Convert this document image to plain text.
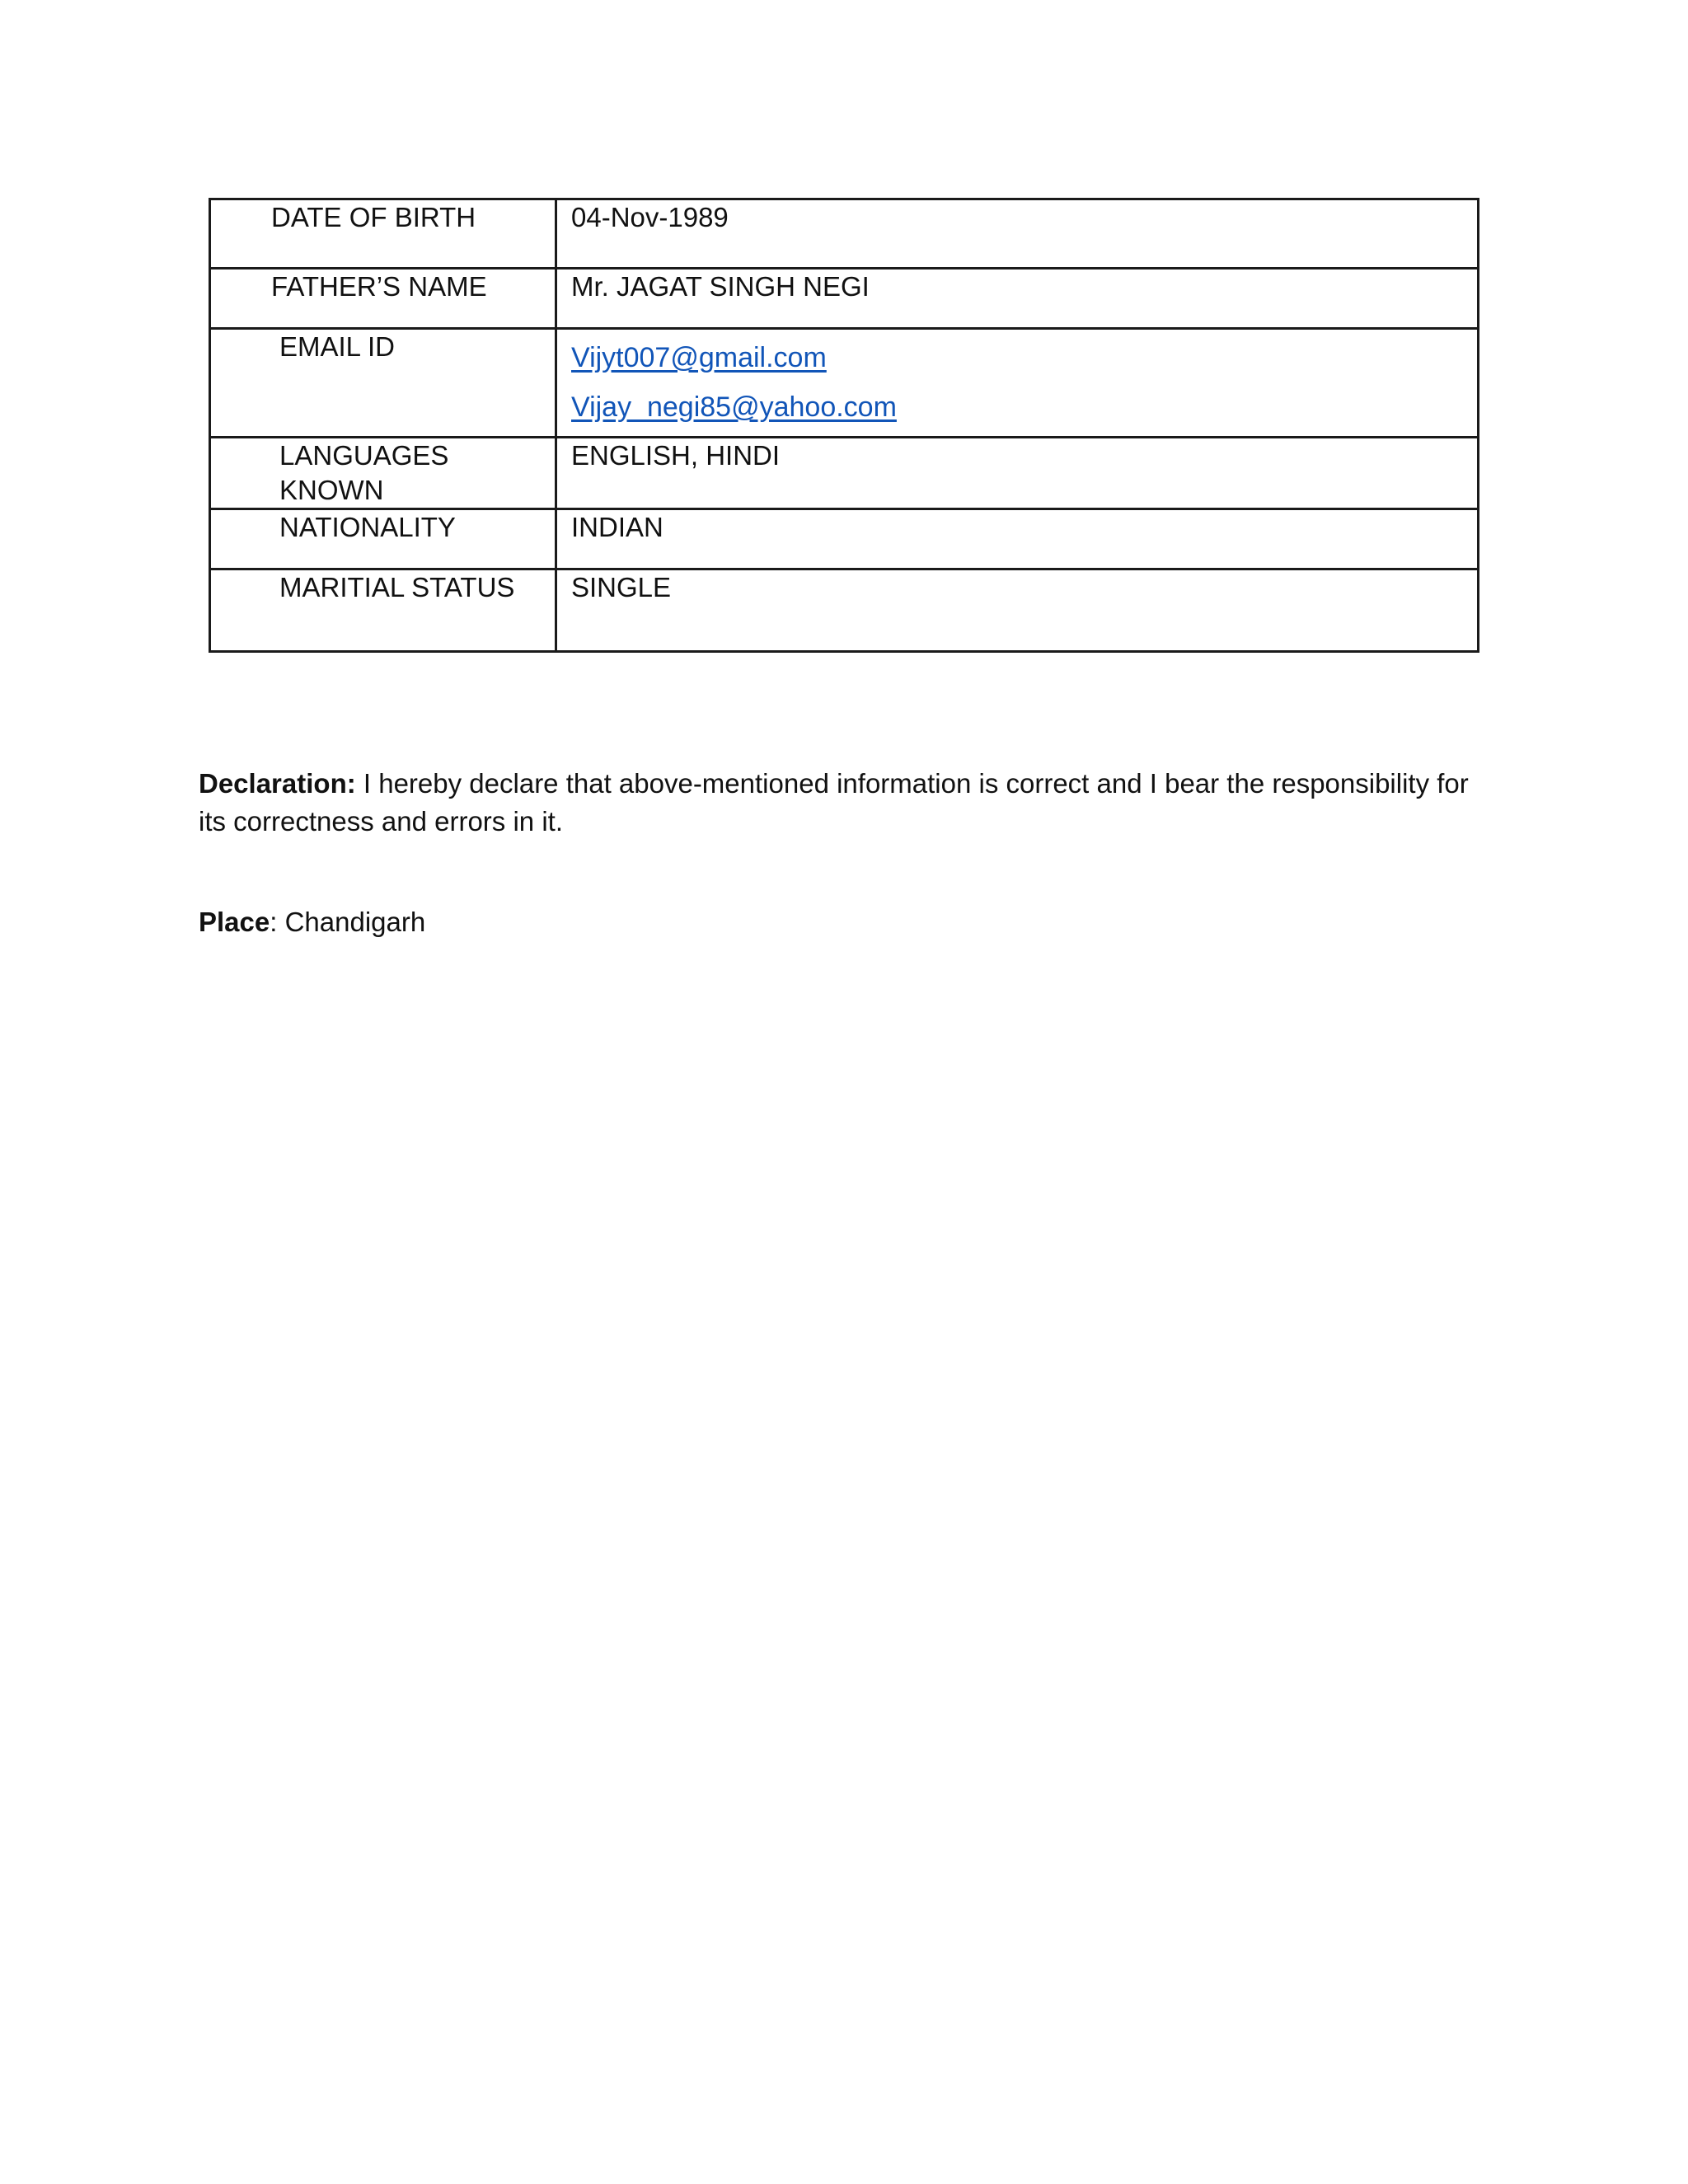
DATE OF BIRTH	04-Nov-1989
FATHER’S NAME	Mr. JAGAT SINGH NEGI
EMAIL ID	Vijyt007@gmail.com
Vijay_negi85@yahoo.com

LANGUAGES KNOWN	ENGLISH, HINDI
NATIONALITY	INDIAN
MARITIAL STATUS	SINGLE
Declaration: I hereby declare that above-mentioned information is correct and I bear the responsibility for its correctness and errors in it.
Place: Chandigarh
